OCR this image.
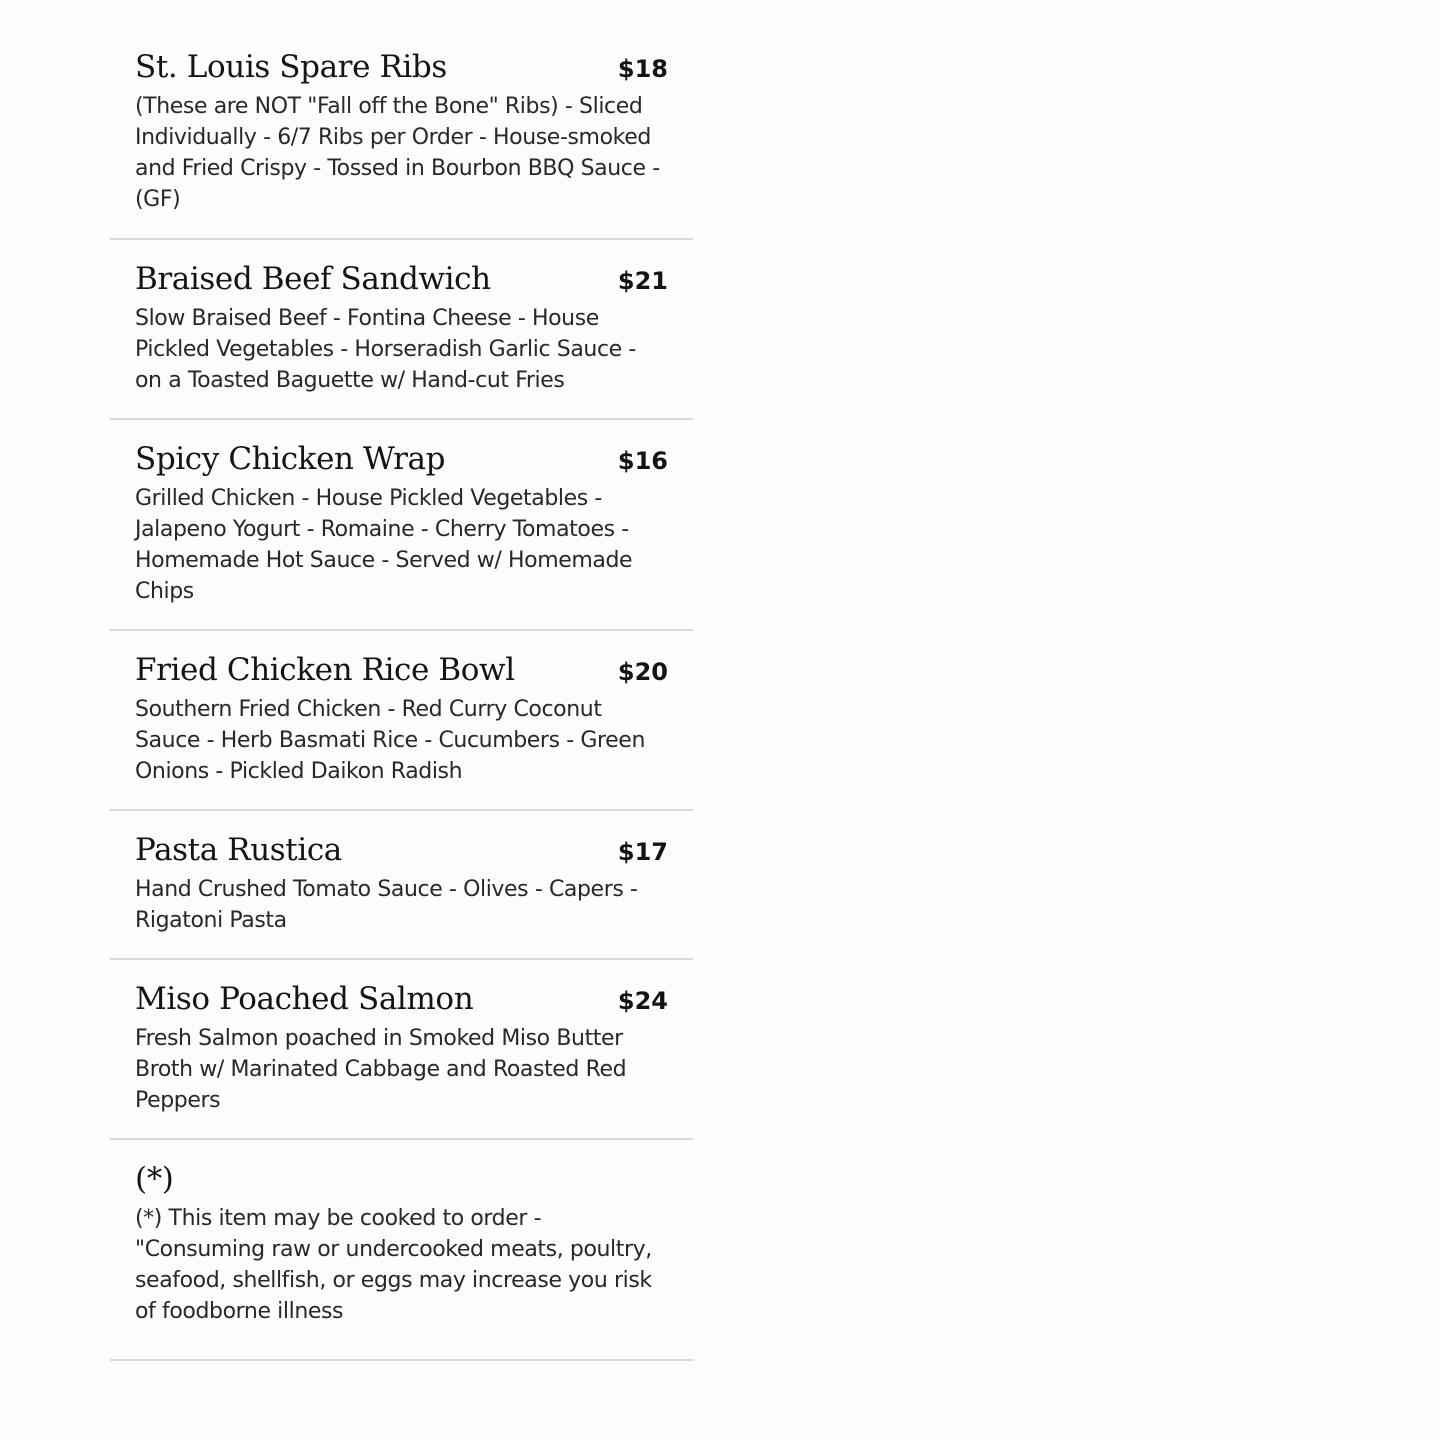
St. Louis Spare Ribs	$18
(These are NOT "Fall off the Bone" Ribs) - Sliced Individually - 6/7 Ribs per Order - House-smoked and Fried Crispy - Tossed in Bourbon BBQ Sauce - (GF)
Braised Beef Sandwich	$21
Slow Braised Beef - Fontina Cheese - House Pickled Vegetables - Horseradish Garlic Sauce - on a Toasted Baguette w/ Hand-cut Fries
Spicy Chicken Wrap	$16
Grilled Chicken - House Pickled Vegetables - Jalapeno Yogurt - Romaine - Cherry Tomatoes - Homemade Hot Sauce - Served w/ Homemade Chips
Fried Chicken Rice Bowl	$20
Southern Fried Chicken - Red Curry Coconut Sauce - Herb Basmati Rice - Cucumbers - Green Onions - Pickled Daikon Radish
Pasta Rustica	$17
Hand Crushed Tomato Sauce - Olives - Capers - Rigatoni Pasta
Miso Poached Salmon	$24
Fresh Salmon poached in Smoked Miso Butter Broth w/ Marinated Cabbage and Roasted Red Peppers
(*)
(*) This item may be cooked to order - "Consuming raw or undercooked meats, poultry, seafood, shellfish, or eggs may increase you risk of foodborne illness
